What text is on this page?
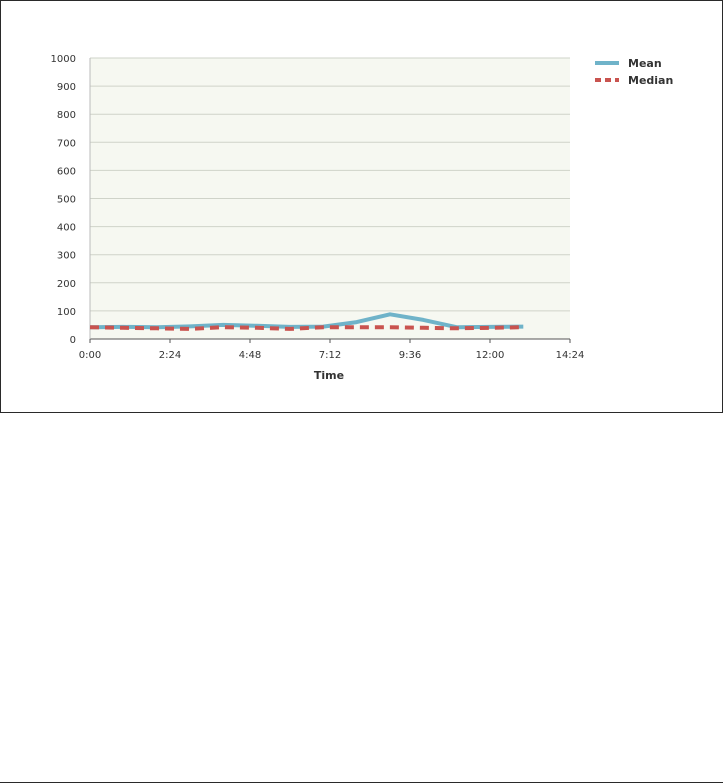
0
100
200
300
400
500
600
700
800
900
1000
0:00	2:24	4:48	7:12	9:36	12:00	14:24
Time
Mean
Median
